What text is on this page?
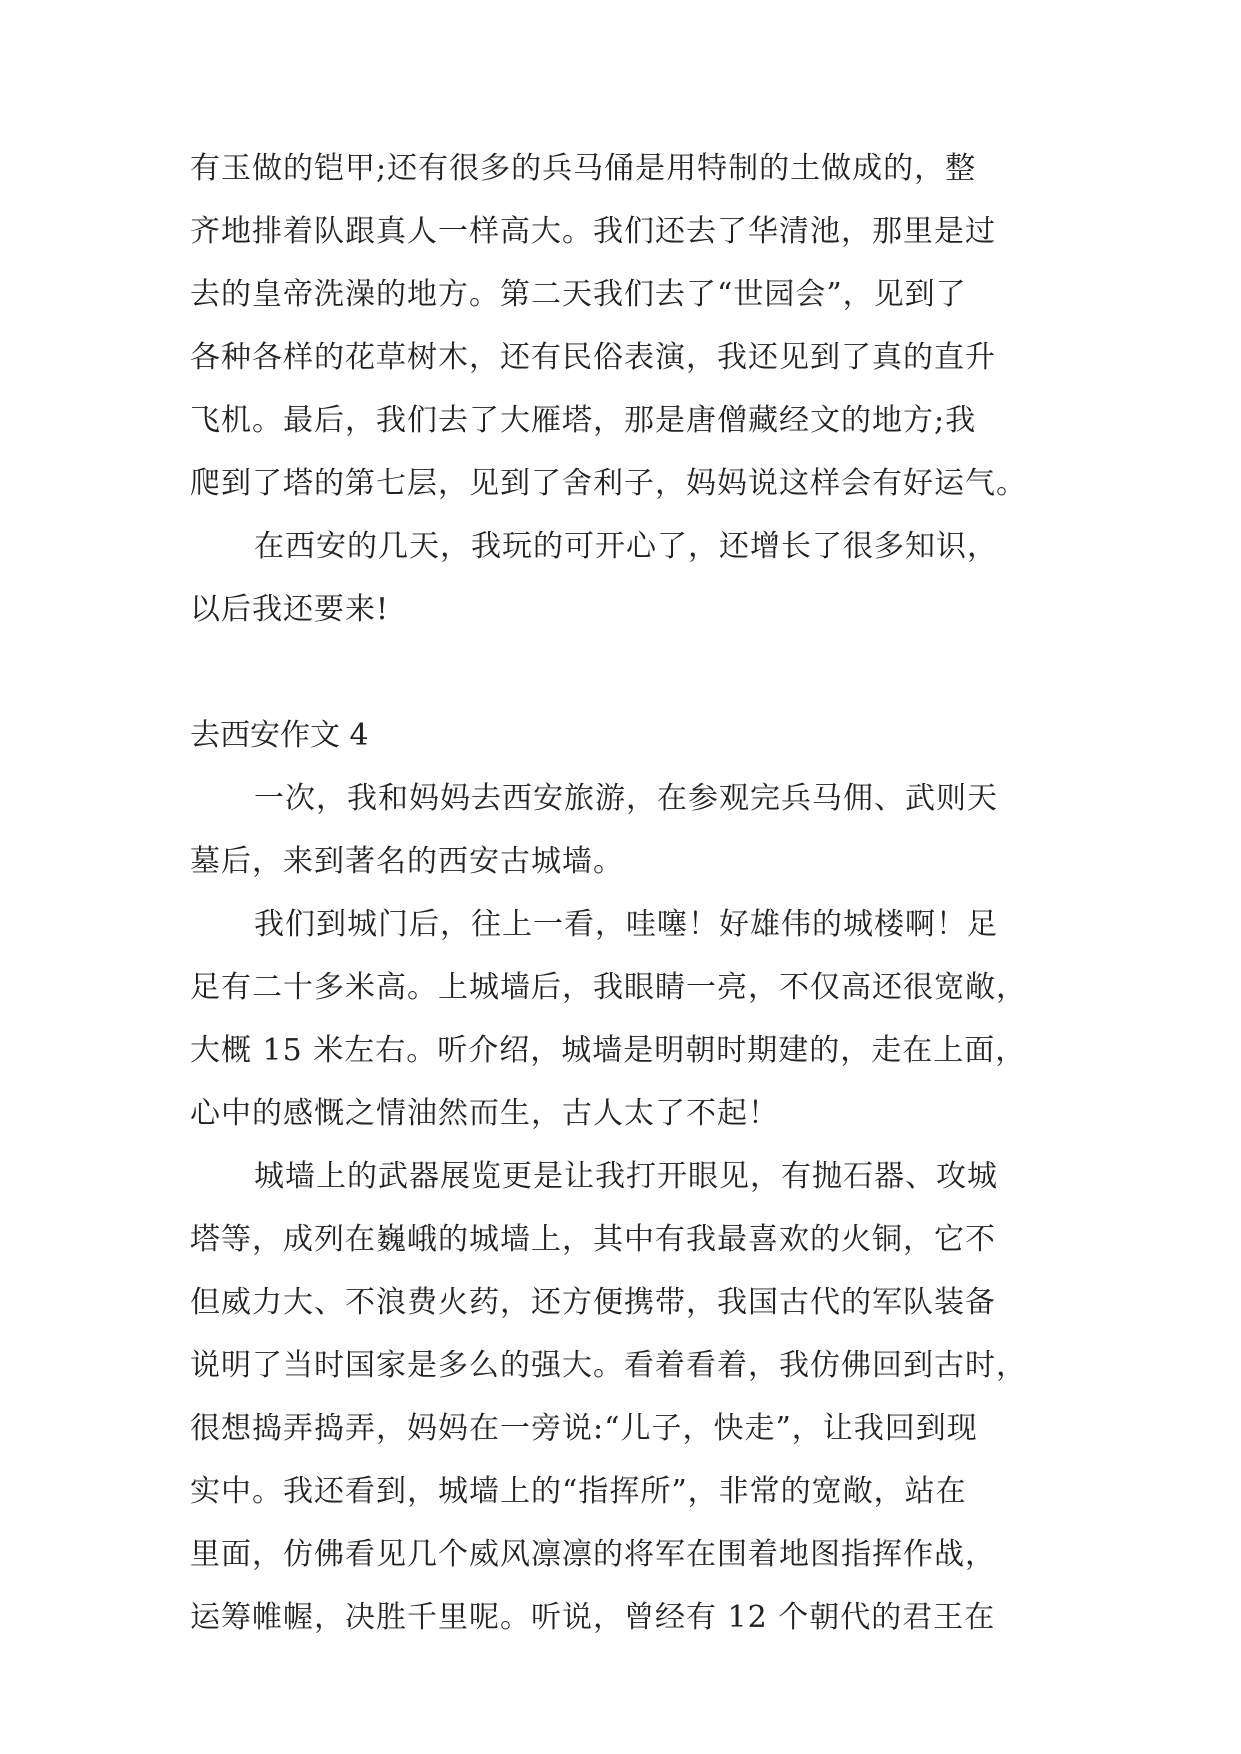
有玉做的铠甲;还有很多的兵马俑是用特制的土做成的，整
齐地排着队跟真人一样高大。我们还去了华清池，那里是过
去的皇帝洗澡的地方。第二天我们去了“世园会”，见到了
各种各样的花草树木，还有民俗表演，我还见到了真的直升
飞机。最后，我们去了大雁塔，那是唐僧藏经文的地方;我
爬到了塔的第七层，见到了舍利子，妈妈说这样会有好运气。
在西安的几天，我玩的可开心了，还增长了很多知识，
以后我还要来!
去西安作文 4
一次，我和妈妈去西安旅游，在参观完兵马佣、武则天
墓后，来到著名的西安古城墙。
我们到城门后，往上一看，哇噻！好雄伟的城楼啊！足
足有二十多米高。上城墙后，我眼睛一亮，不仅高还很宽敞，
大概 15 米左右。听介绍，城墙是明朝时期建的，走在上面，
心中的感慨之情油然而生，古人太了不起！
城墙上的武器展览更是让我打开眼见，有抛石器、攻城
塔等，成列在巍峨的城墙上，其中有我最喜欢的火铜，它不
但威力大、不浪费火药，还方便携带，我国古代的军队装备
说明了当时国家是多么的强大。看着看着，我仿佛回到古时，
很想捣弄捣弄，妈妈在一旁说:“儿子，快走”，让我回到现
实中。我还看到，城墙上的“指挥所”，非常的宽敞，站在
里面，仿佛看见几个威风凛凛的将军在围着地图指挥作战，
运筹帷幄，决胜千里呢。听说，曾经有 12 个朝代的君王在
